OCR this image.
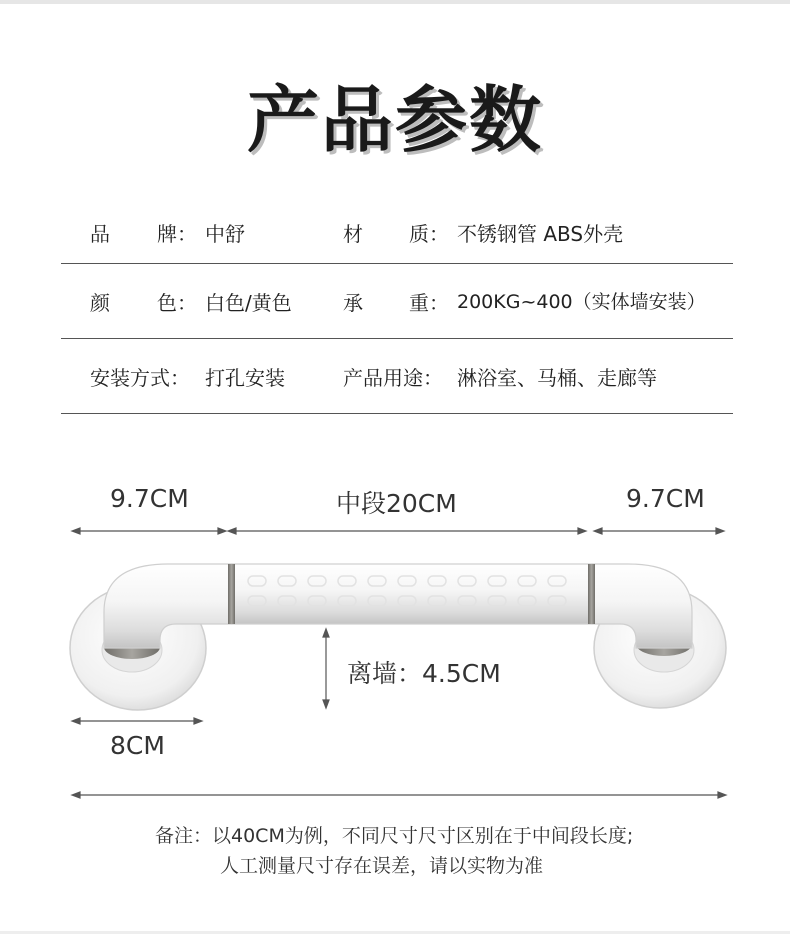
产品参数
品 牌： 中舒	材 质： 不锈钢管 ABS外壳
颜 色： 白色/黄色	承 重： 200KG~400（实体墙安装）
安装方式： 打孔安装	产品用途： 淋浴室、马桶、走廊等
9.7CM	中段20CM	9.7CM
离墙：4.5CM
8CM
备注：以40CM为例，不同尺寸尺寸区别在于中间段长度;
人工测量尺寸存在误差，请以实物为准
